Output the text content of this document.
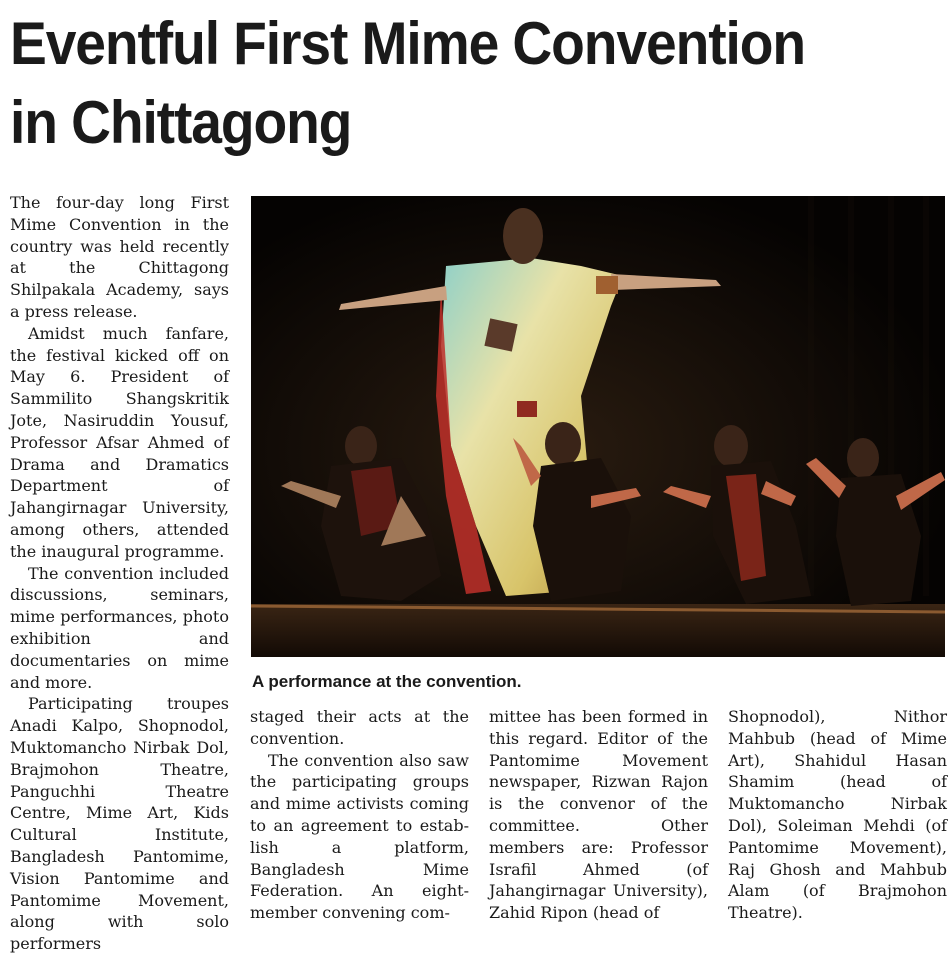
Eventful First Mime Convention
in Chittagong

The four-day long First Mime Convention in the country was held recently at the Chittagong Shilpakala Academy, says a press release.

Amidst much fanfare, the festival kicked off on May 6. President of Sammilito Shangskritik Jote, Nasiruddin Yousuf, Professor Afsar Ahmed of Drama and Dramatics Department of Jahangirnagar University, among others, attended the inaugural programme.

The convention included discussions, seminars, mime performances, photo exhibition and documentaries on mime and more.

Participating troupes Anadi Kalpo, Shopnodol, Muktomancho Nirbak Dol, Brajmohon Theatre, Panguchhi Theatre Centre, Mime Art, Kids Cultural Institute, Bangladesh Pantomime, Vision Pantomime and Pantomime Movement, along with solo performers

A performance at the convention.

staged their acts at the convention.

The convention also saw the participating groups and mime activists coming to an agreement to establish a platform, Bangladesh Mime Federation. An eight-member convening com-

mittee has been formed in this regard. Editor of the Pantomime Movement newspaper, Rizwan Rajon is the convenor of the committee. Other members are: Professor Israfil Ahmed (of Jahangirnagar University), Zahid Ripon (head of

Shopnodol), Nithor Mahbub (head of Mime Art), Shahidul Hasan Shamim (head of Muktomancho Nirbak Dol), Soleiman Mehdi (of Pantomime Movement), Raj Ghosh and Mahbub Alam (of Brajmohon Theatre).
